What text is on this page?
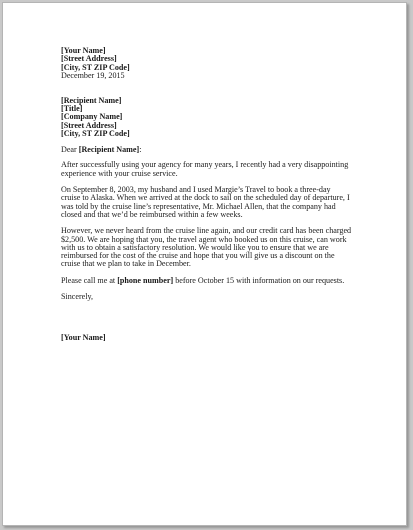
[Your Name]
[Street Address]
[City, ST ZIP Code]
December 19, 2015
[Recipient Name]
[Title]
[Company Name]
[Street Address]
[City, ST ZIP Code]
Dear [Recipient Name]:

After successfully using your agency for many years, I recently had a very disappointing
experience with your cruise service.

On September 8, 2003, my husband and I used Margie’s Travel to book a three-day
cruise to Alaska. When we arrived at the dock to sail on the scheduled day of departure, I
was told by the cruise line’s representative, Mr. Michael Allen, that the company had
closed and that we’d be reimbursed within a few weeks.

However, we never heard from the cruise line again, and our credit card has been charged
$2,500. We are hoping that you, the travel agent who booked us on this cruise, can work
with us to obtain a satisfactory resolution. We would like you to ensure that we are
reimbursed for the cost of the cruise and hope that you will give us a discount on the
cruise that we plan to take in December.

Please call me at [phone number] before October 15 with information on our requests.

Sincerely,
[Your Name]
